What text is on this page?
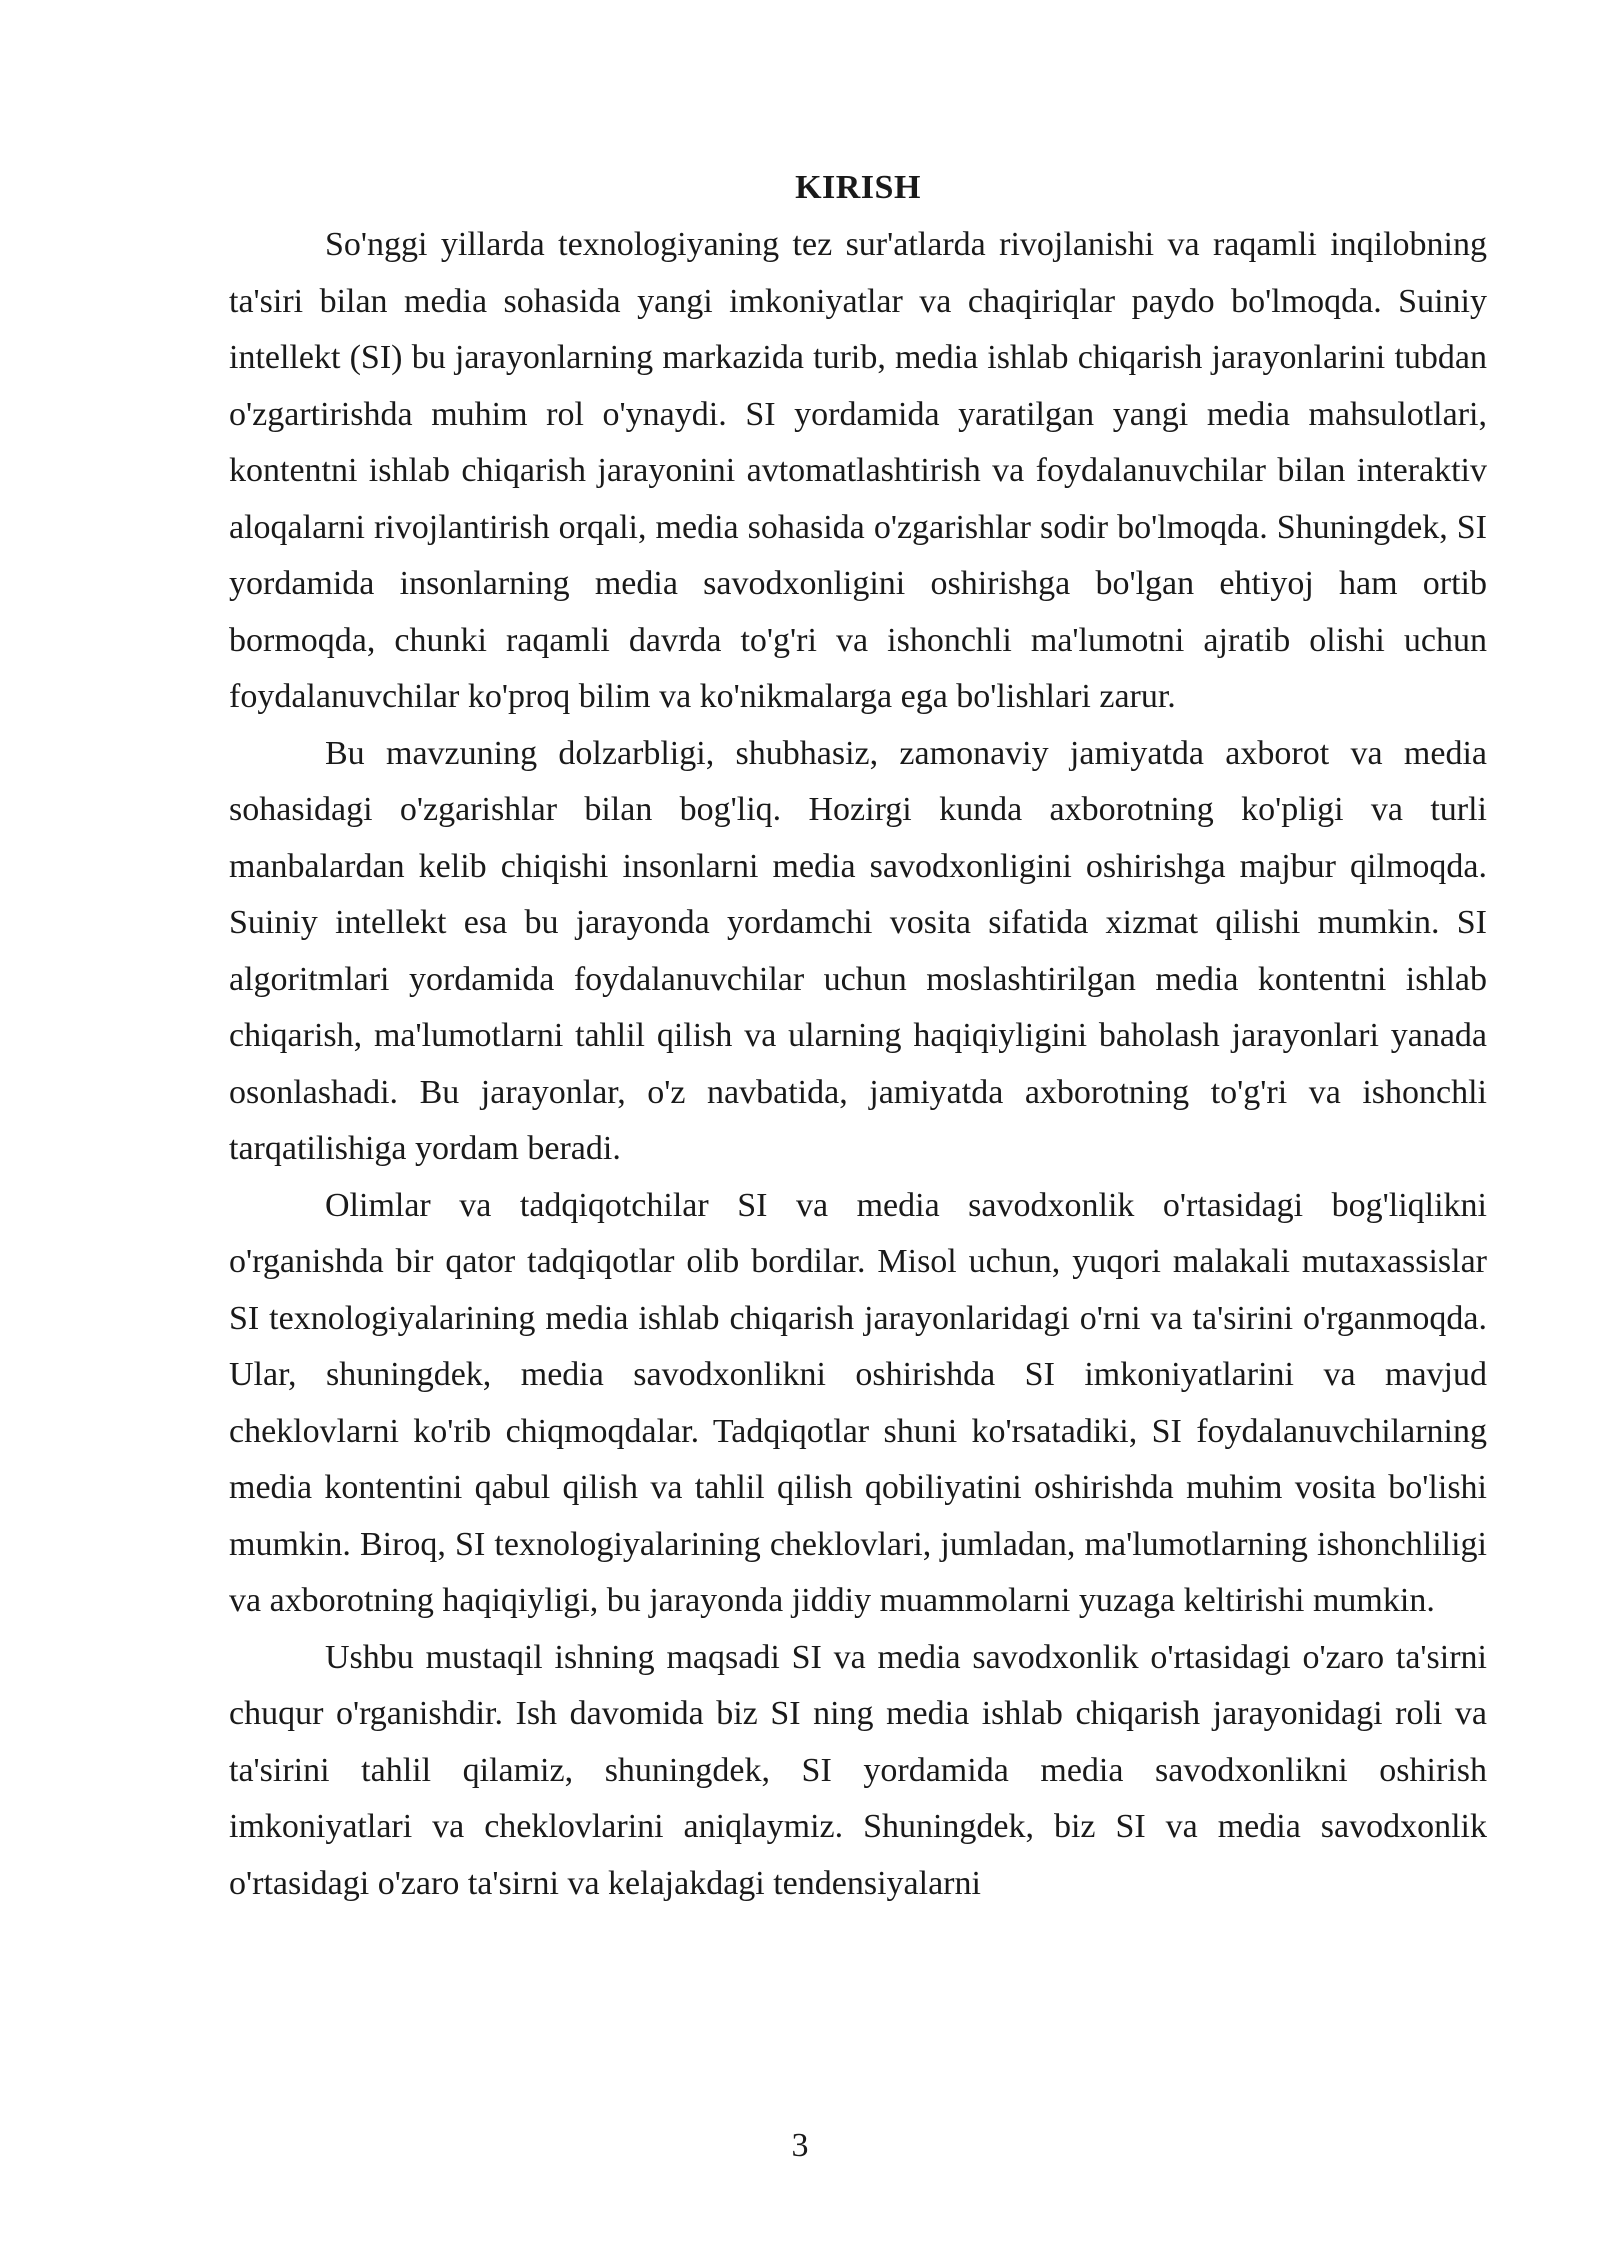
KIRISH

So'nggi yillarda texnologiyaning tez sur'atlarda rivojlanishi va raqamli inqilobning ta'siri bilan media sohasida yangi imkoniyatlar va chaqiriqlar paydo bo'lmoqda. Suiniy intellekt (SI) bu jarayonlarning markazida turib, media ishlab chiqarish jarayonlarini tubdan o'zgartirishda muhim rol o'ynaydi. SI yordamida yaratilgan yangi media mahsulotlari, kontentni ishlab chiqarish jarayonini avtomatlashtirish va foydalanuvchilar bilan interaktiv aloqalarni rivojlantirish orqali, media sohasida o'zgarishlar sodir bo'lmoqda. Shuningdek, SI yordamida insonlarning media savodxonligini oshirishga bo'lgan ehtiyoj ham ortib bormoqda, chunki raqamli davrda to'g'ri va ishonchli ma'lumotni ajratib olishi uchun foydalanuvchilar ko'proq bilim va ko'nikmalarga ega bo'lishlari zarur.

Bu mavzuning dolzarbligi, shubhasiz, zamonaviy jamiyatda axborot va media sohasidagi o'zgarishlar bilan bog'liq. Hozirgi kunda axborotning ko'pligi va turli manbalardan kelib chiqishi insonlarni media savodxonligini oshirishga majbur qilmoqda. Suiniy intellekt esa bu jarayonda yordamchi vosita sifatida xizmat qilishi mumkin. SI algoritmlari yordamida foydalanuvchilar uchun moslashtirilgan media kontentni ishlab chiqarish, ma'lumotlarni tahlil qilish va ularning haqiqiyligini baholash jarayonlari yanada osonlashadi. Bu jarayonlar, o'z navbatida, jamiyatda axborotning to'g'ri va ishonchli tarqatilishiga yordam beradi.

Olimlar va tadqiqotchilar SI va media savodxonlik o'rtasidagi bog'liqlikni o'rganishda bir qator tadqiqotlar olib bordilar. Misol uchun, yuqori malakali mutaxassislar SI texnologiyalarining media ishlab chiqarish jarayonlaridagi o'rni va ta'sirini o'rganmoqda. Ular, shuningdek, media savodxonlikni oshirishda SI imkoniyatlarini va mavjud cheklovlarni ko'rib chiqmoqdalar. Tadqiqotlar shuni ko'rsatadiki, SI foydalanuvchilarning media kontentini qabul qilish va tahlil qilish qobiliyatini oshirishda muhim vosita bo'lishi mumkin. Biroq, SI texnologiyalarining cheklovlari, jumladan, ma'lumotlarning ishonchliligi va axborotning haqiqiyligi, bu jarayonda jiddiy muammolarni yuzaga keltirishi mumkin.

Ushbu mustaqil ishning maqsadi SI va media savodxonlik o'rtasidagi o'zaro ta'sirni chuqur o'rganishdir. Ish davomida biz SI ning media ishlab chiqarish jarayonidagi roli va ta'sirini tahlil qilamiz, shuningdek, SI yordamida media savodxonlikni oshirish imkoniyatlari va cheklovlarini aniqlaymiz. Shuningdek, biz SI va media savodxonlik o'rtasidagi o'zaro ta'sirni va kelajakdagi tendensiyalarni

3
